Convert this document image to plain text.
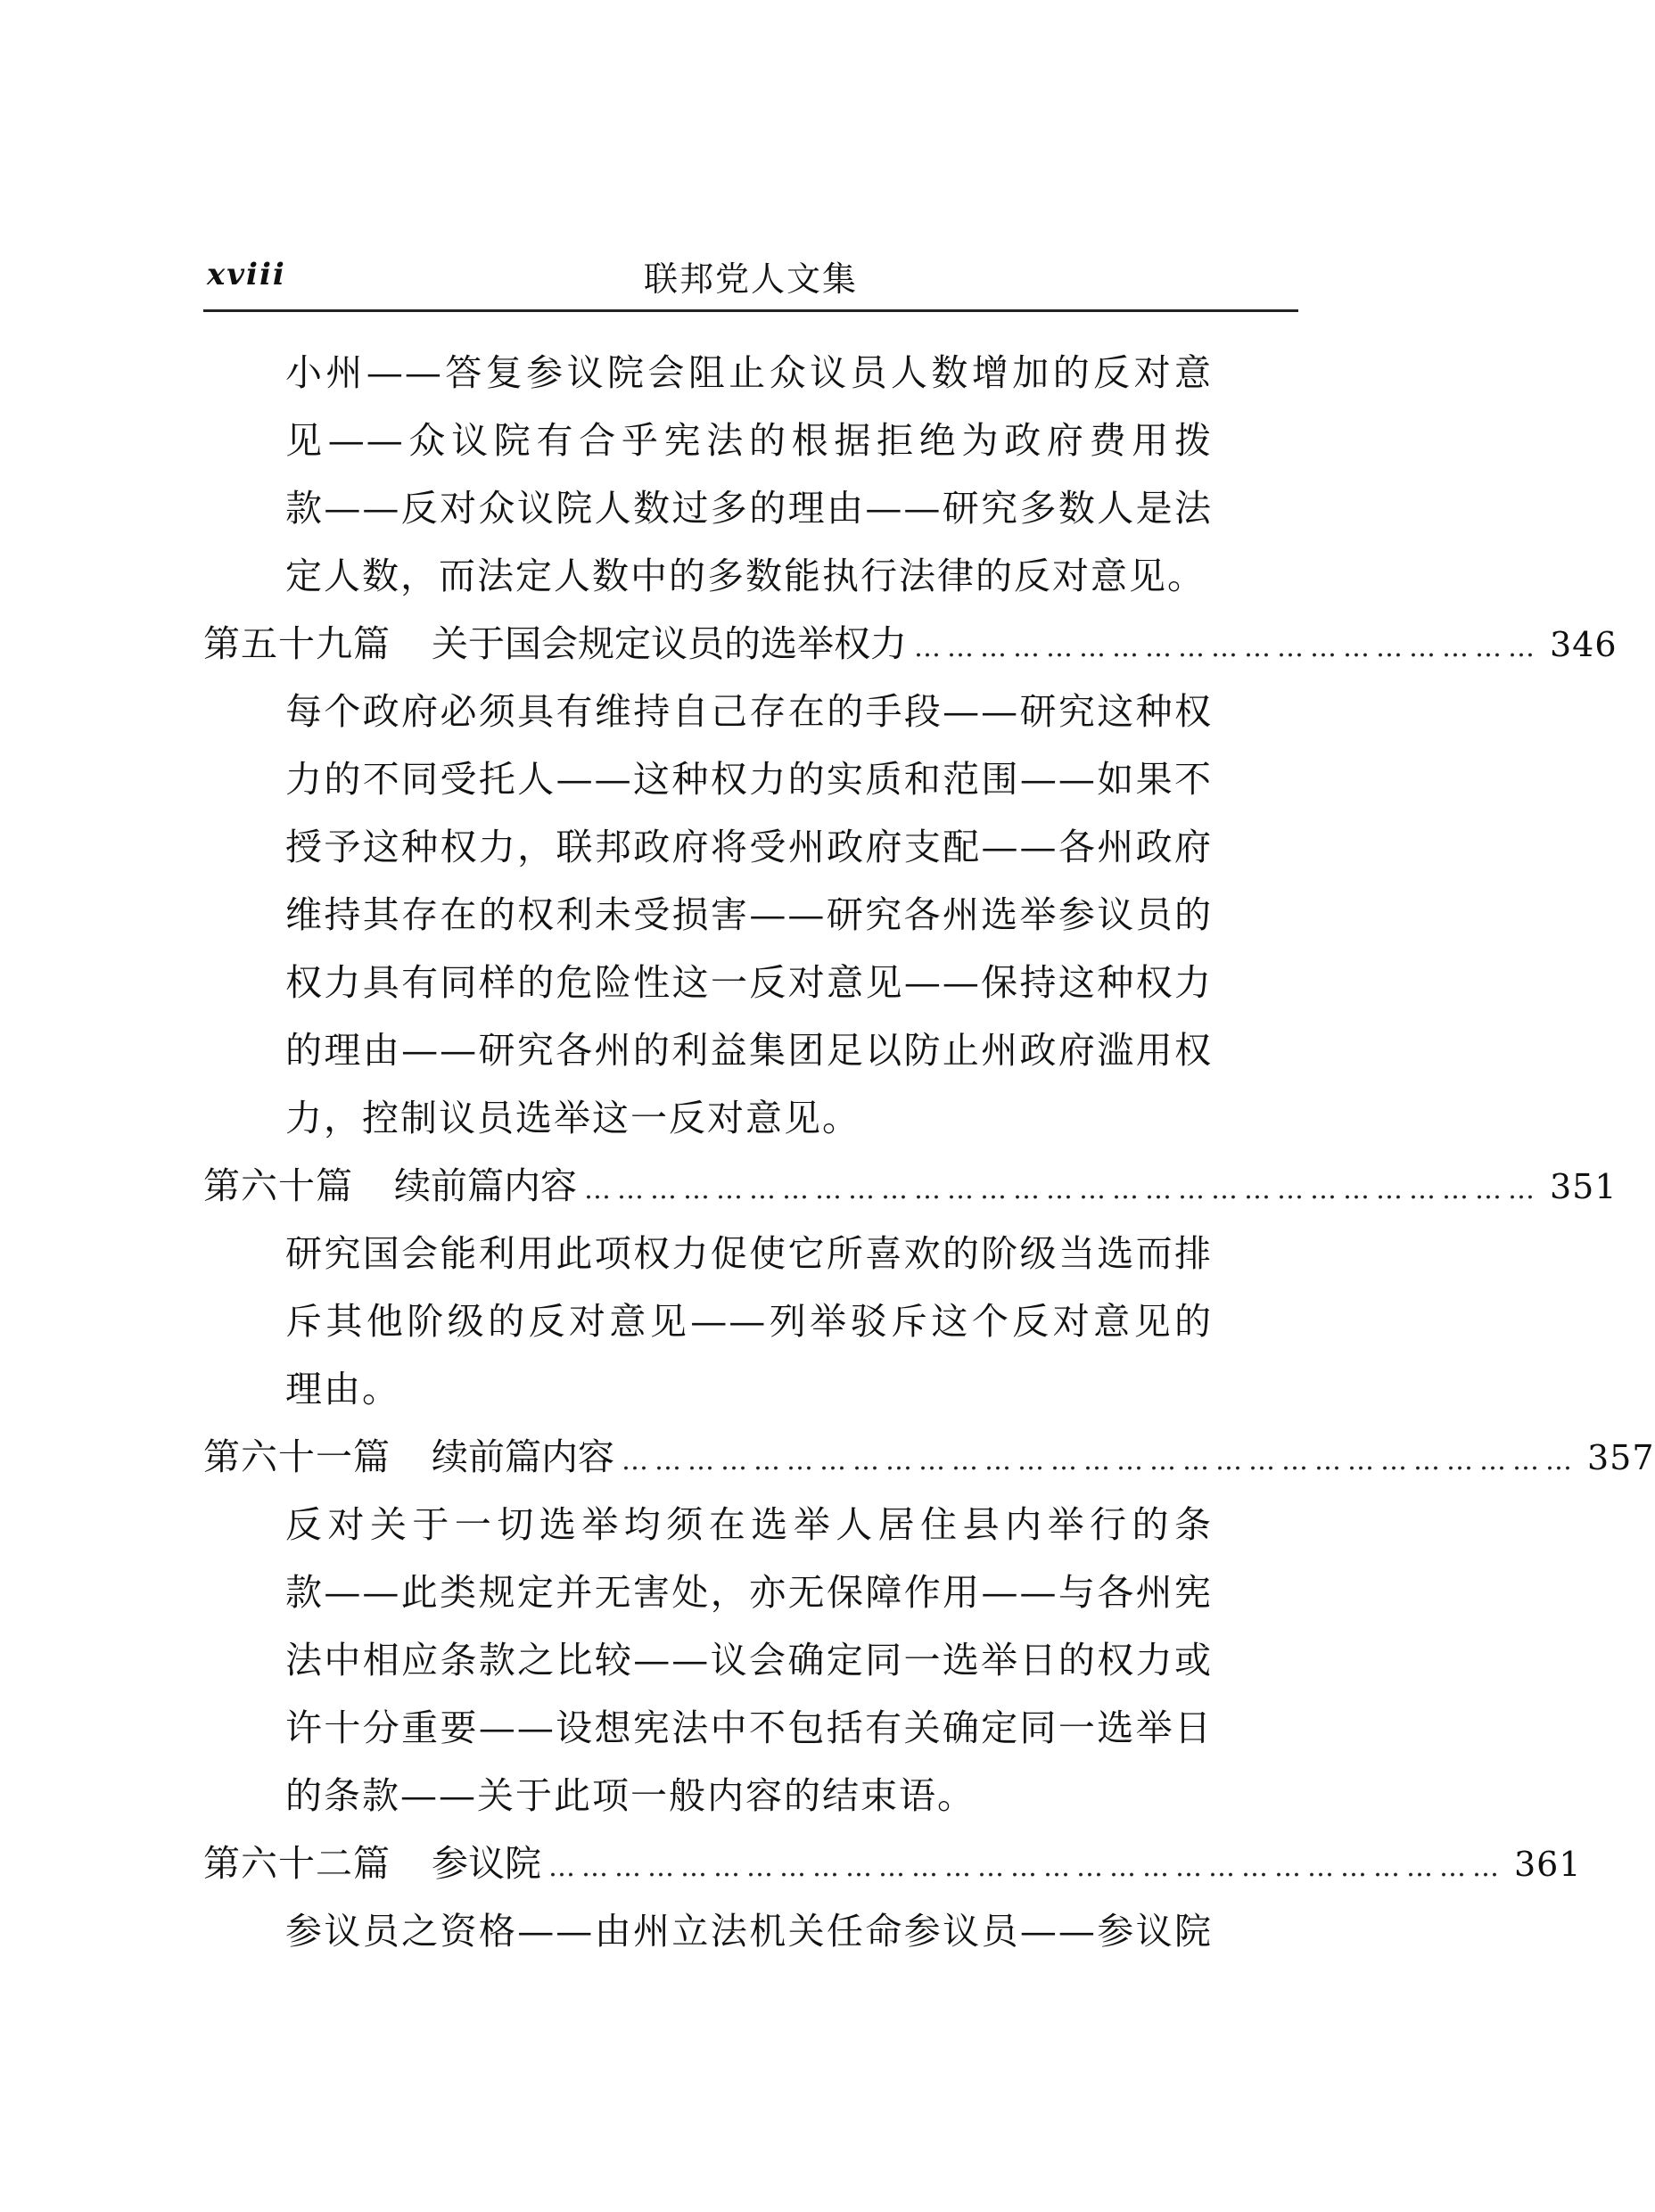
xviii	联邦党人文集
小州——答复参议院会阻止众议员人数增加的反对意
见——众议院有合乎宪法的根据拒绝为政府费用拨
款——反对众议院人数过多的理由——研究多数人是法
定人数，而法定人数中的多数能执行法律的反对意见。
第五十九篇 关于国会规定议员的选举权力 ………………………………………………… 346
每个政府必须具有维持自己存在的手段——研究这种权
力的不同受托人——这种权力的实质和范围——如果不
授予这种权力，联邦政府将受州政府支配——各州政府
维持其存在的权利未受损害——研究各州选举参议员的
权力具有同样的危险性这一反对意见——保持这种权力
的理由——研究各州的利益集团足以防止州政府滥用权
力，控制议员选举这一反对意见。
第六十篇 续前篇内容 …………………………………………………………………………… 351
研究国会能利用此项权力促使它所喜欢的阶级当选而排
斥其他阶级的反对意见——列举驳斥这个反对意见的
理由。
第六十一篇 续前篇内容 …………………………………………………………………………… 357
反对关于一切选举均须在选举人居住县内举行的条
款——此类规定并无害处，亦无保障作用——与各州宪
法中相应条款之比较——议会确定同一选举日的权力或
许十分重要——设想宪法中不包括有关确定同一选举日
的条款——关于此项一般内容的结束语。
第六十二篇 参议院 …………………………………………………………………………… 361
参议员之资格——由州立法机关任命参议员——参议院
